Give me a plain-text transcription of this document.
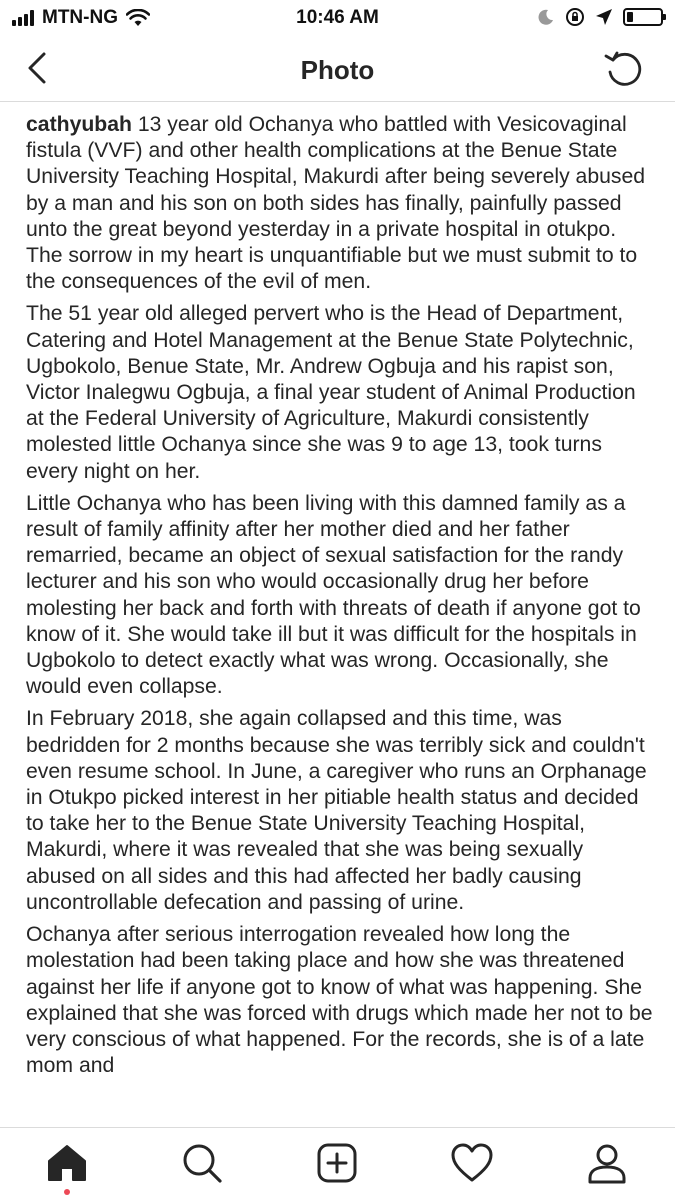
MTN-NG	10:46 AM
Photo

cathyubah 13 year old Ochanya who battled with Vesicovaginal fistula (VVF) and other health complications at the Benue State University Teaching Hospital, Makurdi after being severely abused by a man and his son on both sides has finally, painfully passed unto the great beyond yesterday in a private hospital in otukpo. The sorrow in my heart is unquantifiable but we must submit to to the consequences of the evil of men.

The 51 year old alleged pervert who is the Head of Department, Catering and Hotel Management at the Benue State Polytechnic, Ugbokolo, Benue State, Mr. Andrew Ogbuja and his rapist son, Victor Inalegwu Ogbuja, a final year student of Animal Production at the Federal University of Agriculture, Makurdi consistently molested little Ochanya since she was 9 to age 13, took turns every night on her.

Little Ochanya who has been living with this damned family as a result of family affinity after her mother died and her father remarried, became an object of sexual satisfaction for the randy lecturer and his son who would occasionally drug her before molesting her back and forth with threats of death if anyone got to know of it. She would take ill but it was difficult for the hospitals in Ugbokolo to detect exactly what was wrong. Occasionally, she would even collapse.

In February 2018, she again collapsed and this time, was bedridden for 2 months because she was terribly sick and couldn't even resume school. In June, a caregiver who runs an Orphanage in Otukpo picked interest in her pitiable health status and decided to take her to the Benue State University Teaching Hospital, Makurdi, where it was revealed that she was being sexually abused on all sides and this had affected her badly causing uncontrollable defecation and passing of urine.

Ochanya after serious interrogation revealed how long the molestation had been taking place and how she was threatened against her life if anyone got to know of what was happening. She explained that she was forced with drugs which made her not to be very conscious of what happened. For the records, she is of a late mom and
